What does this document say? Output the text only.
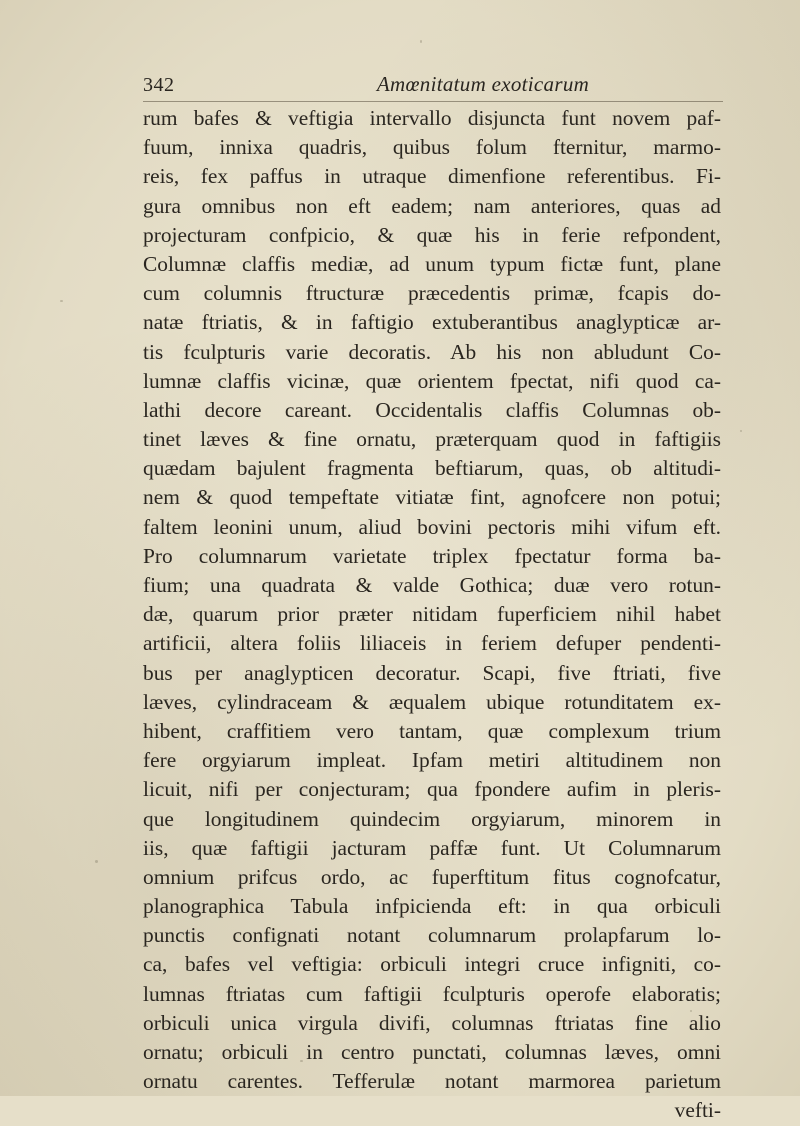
342	Amœnitatum exoticarum
rum bafes & veftigia intervallo disjuncta funt novem paf-
fuum, innixa quadris, quibus folum fternitur, marmo-
reis, fex paffus in utraque dimenfione referentibus. Fi-
gura omnibus non eft eadem; nam anteriores, quas ad
projecturam confpicio, & quæ his in ferie refpondent,
Columnæ claffis mediæ, ad unum typum fictæ funt, plane
cum columnis ftructuræ præcedentis primæ, fcapis do-
natæ ftriatis, & in faftigio extuberantibus anaglypticæ ar-
tis fculpturis varie decoratis. Ab his non abludunt Co-
lumnæ claffis vicinæ, quæ orientem fpectat, nifi quod ca-
lathi decore careant. Occidentalis claffis Columnas ob-
tinet læves & fine ornatu, præterquam quod in faftigiis
quædam bajulent fragmenta beftiarum, quas, ob altitudi-
nem & quod tempeftate vitiatæ fint, agnofcere non potui;
faltem leonini unum, aliud bovini pectoris mihi vifum eft.
Pro columnarum varietate triplex fpectatur forma ba-
fium; una quadrata & valde Gothica; duæ vero rotun-
dæ, quarum prior præter nitidam fuperficiem nihil habet
artificii, altera foliis liliaceis in feriem defuper pendenti-
bus per anaglypticen decoratur. Scapi, five ftriati, five
læves, cylindraceam & æqualem ubique rotunditatem ex-
hibent, craffitiem vero tantam, quæ complexum trium
fere orgyiarum impleat. Ipfam metiri altitudinem non
licuit, nifi per conjecturam; qua fpondere aufim in pleris-
que longitudinem quindecim orgyiarum, minorem in
iis, quæ faftigii jacturam paffæ funt. Ut Columnarum
omnium prifcus ordo, ac fuperftitum fitus cognofcatur,
planographica Tabula infpicienda eft: in qua orbiculi
punctis confignati notant columnarum prolapfarum lo-
ca, bafes vel veftigia: orbiculi integri cruce infigniti, co-
lumnas ftriatas cum faftigii fculpturis operofe elaboratis;
orbiculi unica virgula divifi, columnas ftriatas fine alio
ornatu; orbiculi in centro punctati, columnas læves, omni
ornatu carentes. Tefferulæ notant marmorea parietum
vefti-
